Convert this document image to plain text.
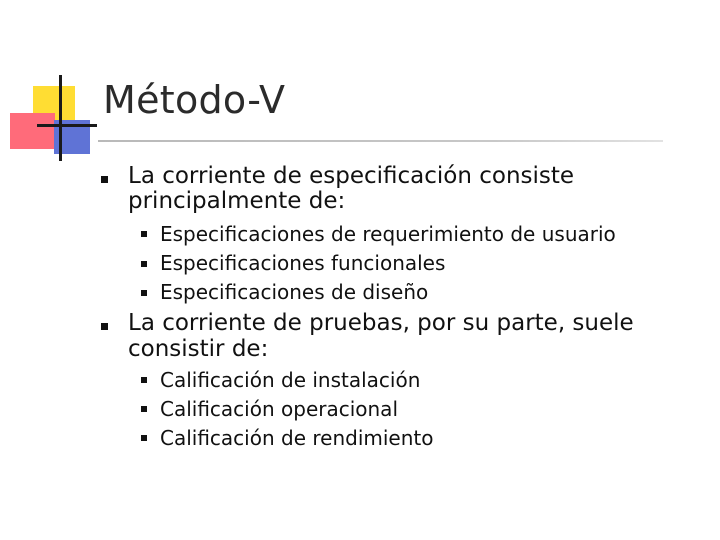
Método-V
La corriente de especificación consiste
principalmente de:
Especificaciones de requerimiento de usuario
Especificaciones funcionales
Especificaciones de diseño
La corriente de pruebas, por su parte, suele
consistir de:
Calificación de instalación
Calificación operacional
Calificación de rendimiento
